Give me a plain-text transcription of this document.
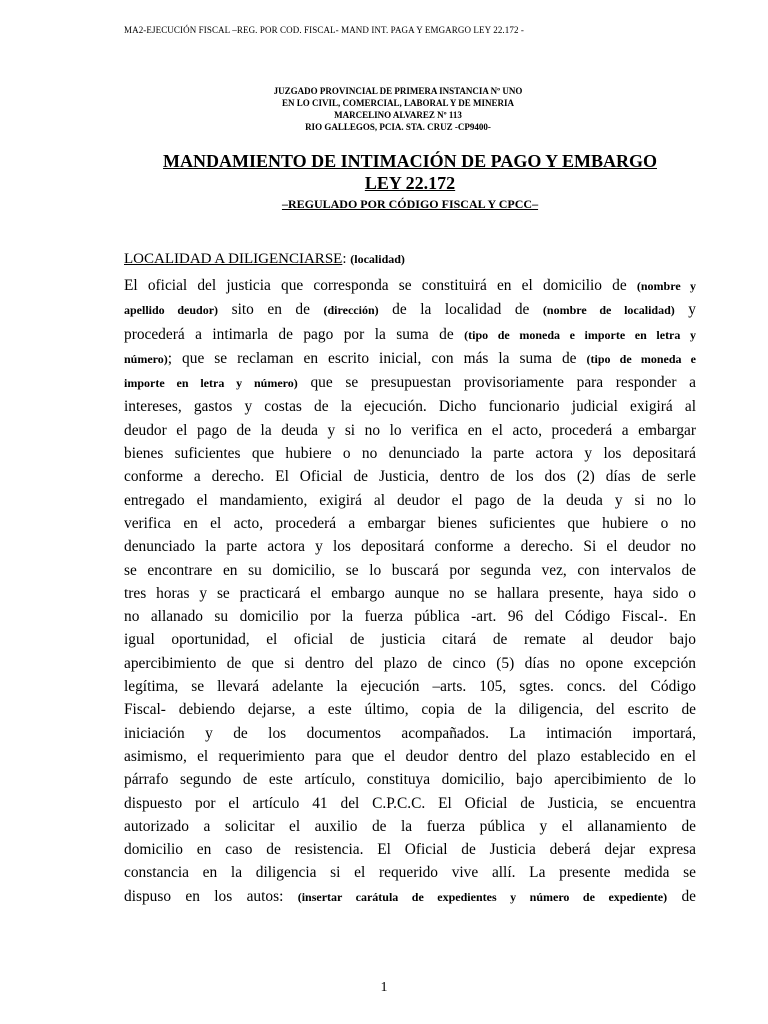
MA2-EJECUCIÓN FISCAL –REG. POR COD. FISCAL- MAND INT. PAGA Y EMGARGO LEY 22.172 -
JUZGADO PROVINCIAL DE PRIMERA INSTANCIA Nº UNO
EN LO CIVIL, COMERCIAL, LABORAL Y DE MINERIA
MARCELINO ALVAREZ Nº 113
RIO GALLEGOS, PCIA. STA. CRUZ -CP9400-
MANDAMIENTO DE INTIMACIÓN DE PAGO Y EMBARGO
LEY 22.172
–REGULADO POR CÓDIGO FISCAL Y CPCC–
LOCALIDAD A DILIGENCIARSE: (localidad)
El oficial del justicia que corresponda se constituirá en el domicilio de (nombre y
apellido deudor) sito en de (dirección) de la localidad de (nombre de localidad) y
procederá a intimarla de pago por la suma de (tipo de moneda e importe en letra y
número); que se reclaman en escrito inicial, con más la suma de (tipo de moneda e
importe en letra y número) que se presupuestan provisoriamente para responder a
intereses, gastos y costas de la ejecución. Dicho funcionario judicial exigirá al
deudor el pago de la deuda y si no lo verifica en el acto, procederá a embargar
bienes suficientes que hubiere o no denunciado la parte actora y los depositará
conforme a derecho. El Oficial de Justicia, dentro de los dos (2) días de serle
entregado el mandamiento, exigirá al deudor el pago de la deuda y si no lo
verifica en el acto, procederá a embargar bienes suficientes que hubiere o no
denunciado la parte actora y los depositará conforme a derecho. Si el deudor no
se encontrare en su domicilio, se lo buscará por segunda vez, con intervalos de
tres horas y se practicará el embargo aunque no se hallara presente, haya sido o
no allanado su domicilio por la fuerza pública -art. 96 del Código Fiscal-. En
igual oportunidad, el oficial de justicia citará de remate al deudor bajo
apercibimiento de que si dentro del plazo de cinco (5) días no opone excepción
legítima, se llevará adelante la ejecución –arts. 105, sgtes. concs. del Código
Fiscal- debiendo dejarse, a este último, copia de la diligencia, del escrito de
iniciación y de los documentos acompañados. La intimación importará,
asimismo, el requerimiento para que el deudor dentro del plazo establecido en el
párrafo segundo de este artículo, constituya domicilio, bajo apercibimiento de lo
dispuesto por el artículo 41 del C.P.C.C. El Oficial de Justicia, se encuentra
autorizado a solicitar el auxilio de la fuerza pública y el allanamiento de
domicilio en caso de resistencia. El Oficial de Justicia deberá dejar expresa
constancia en la diligencia si el requerido vive allí. La presente medida se
dispuso en los autos: (insertar carátula de expedientes y número de expediente) de
1
